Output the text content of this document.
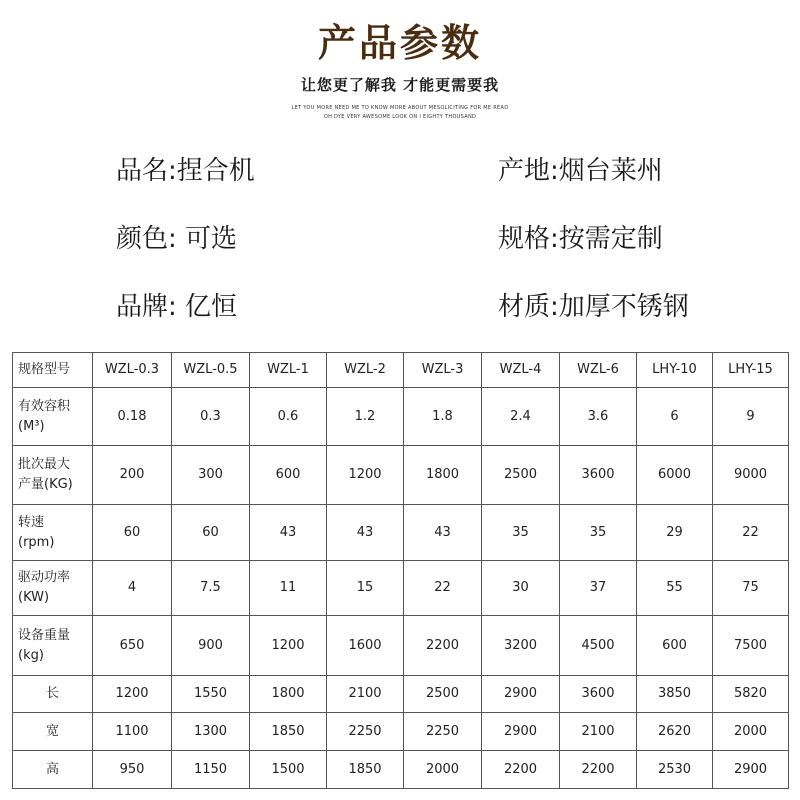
产品参数
让您更了解我 才能更需要我
LET YOU MORE NEED ME TO KNOW MORE ABOUT MESOLICITING FOR ME READ
OH DYE VERY AWESOME LOOK ON I EIGHTY THOUSAND
品名:捏合机	产地:烟台莱州
颜色: 可选	规格:按需定制
品牌: 亿恒	材质:加厚不锈钢
规格型号	WZL-0.3	WZL-0.5	WZL-1	WZL-2	WZL-3	WZL-4	WZL-6	LHY-10	LHY-15

有效容积
(M³)	0.18	0.3	0.6	1.2	1.8	2.4	3.6	6	9

批次最大
产量(KG)	200	300	600	1200	1800	2500	3600	6000	9000

转速
(rpm)	60	60	43	43	43	35	35	29	22

驱动功率
(KW)	4	7.5	11	15	22	30	37	55	75

设备重量
(kg)	650	900	1200	1600	2200	3200	4500	600	7500

长	1200	1550	1800	2100	2500	2900	3600	3850	5820

宽	1100	1300	1850	2250	2250	2900	2100	2620	2000

高	950	1150	1500	1850	2000	2200	2200	2530	2900
